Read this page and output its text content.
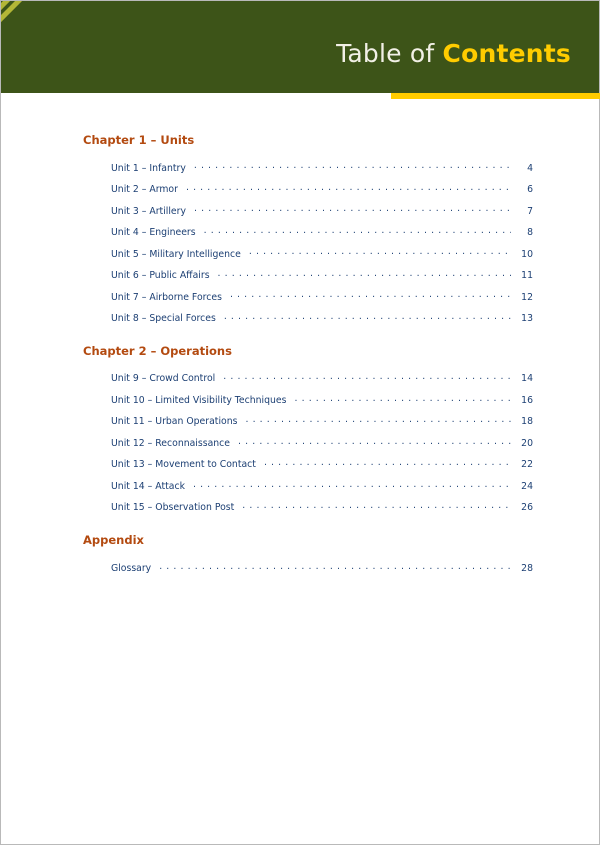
Table of Contents
Chapter 1 – Units
Unit 1 – Infantry . . .	4
Unit 2 – Armor . . .	6
Unit 3 – Artillery . . .	7
Unit 4 – Engineers . . .	8
Unit 5 – Military Intelligence . . .	10
Unit 6 – Public Affairs . . .	11
Unit 7 – Airborne Forces . . .	12
Unit 8 – Special Forces . . .	13
Chapter 2 – Operations
Unit 9 – Crowd Control . . .	14
Unit 10 – Limited Visibility Techniques . . .	16
Unit 11 – Urban Operations . . .	18
Unit 12 – Reconnaissance . . .	20
Unit 13 – Movement to Contact . . .	22
Unit 14 – Attack . . .	24
Unit 15 – Observation Post . . .	26
Appendix
Glossary . . .	28
